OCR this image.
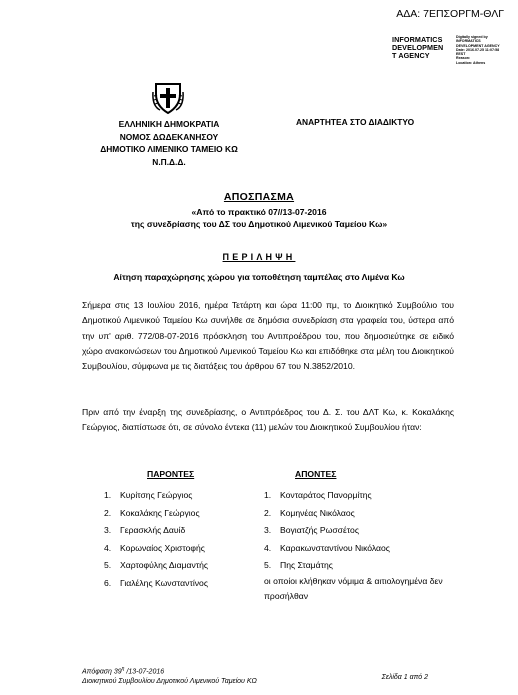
ΑΔΑ: 7ΕΠΣΟΡΓΜ-ΘΛΓ
INFORMATICS
DEVELOPMEN
T AGENCY
Digitally signed by
INFORMATICS
DEVELOPMENT AGENCY
Date: 2016.07.25 11:07:58
EEST
Reason:
Location: Athens
ΕΛΛΗΝΙΚΗ ΔΗΜΟΚΡΑΤΙΑ
ΝΟΜΟΣ ΔΩΔΕΚΑΝΗΣΟΥ
ΔΗΜΟΤΙΚΟ ΛΙΜΕΝΙΚΟ ΤΑΜΕΙΟ ΚΩ
Ν.Π.Δ.Δ.
ΑΝΑΡΤΗΤΕΑ ΣΤΟ ΔΙΑΔΙΚΤΥΟ
ΑΠΟΣΠΑΣΜΑ
«Από το πρακτικό 07//13-07-2016
της συνεδρίασης του ΔΣ του Δημοτικού Λιμενικού Ταμείου Κω»
ΠΕΡΙΛΗΨΗ
Αίτηση παραχώρησης χώρου για τοποθέτηση ταμπέλας στο Λιμένα Κω
Σήμερα στις 13 Ιουλίου 2016, ημέρα Τετάρτη και ώρα 11:00 πμ, το Διοικητικό Συμβούλιο του Δημοτικού Λιμενικού Ταμείου Κω συνήλθε σε δημόσια συνεδρίαση στα γραφεία του, ύστερα από την υπ' αριθ. 772/08-07-2016 πρόσκληση του Αντιπροέδρου του, που δημοσιεύτηκε σε ειδικό χώρο ανακοινώσεων του Δημοτικού Λιμενικού Ταμείου Κω και επιδόθηκε στα μέλη του Διοικητικού Συμβουλίου, σύμφωνα με τις διατάξεις του άρθρου 67 του Ν.3852/2010.
Πριν από την έναρξη της συνεδρίασης, ο Αντιπρόεδρος του Δ. Σ. του ΔΛΤ Κω, κ. Κοκαλάκης Γεώργιος, διαπίστωσε ότι, σε σύνολο έντεκα (11) μελών του Διοικητικού Συμβουλίου ήταν:
ΠΑΡΟΝΤΕΣ	ΑΠΟΝΤΕΣ
1. Κυρίτσης Γεώργιος
2. Κοκαλάκης Γεώργιος
3. Γερασκλής Δαυίδ
4. Κορωναίος Χριστοφής
5. Χαρτοφύλης Διαμαντής
6. Γιαλέλης Κωνσταντίνος
1. Κονταράτος Πανορμίτης
2. Κομηνέας Νικόλαος
3. Βογιατζής Ρωσσέτος
4. Καρακωνσταντίνου Νικόλαος
5. Πης Σταμάτης
οι οποίοι κλήθηκαν νόμιμα & αιτιολογημένα δεν προσήλθαν
Απόφαση $39^\eta$ /13-07-2016
Διοικητικού Συμβουλίου Δημοτικού Λιμενικού Ταμείου ΚΩ
Σελίδα 1 από 2
